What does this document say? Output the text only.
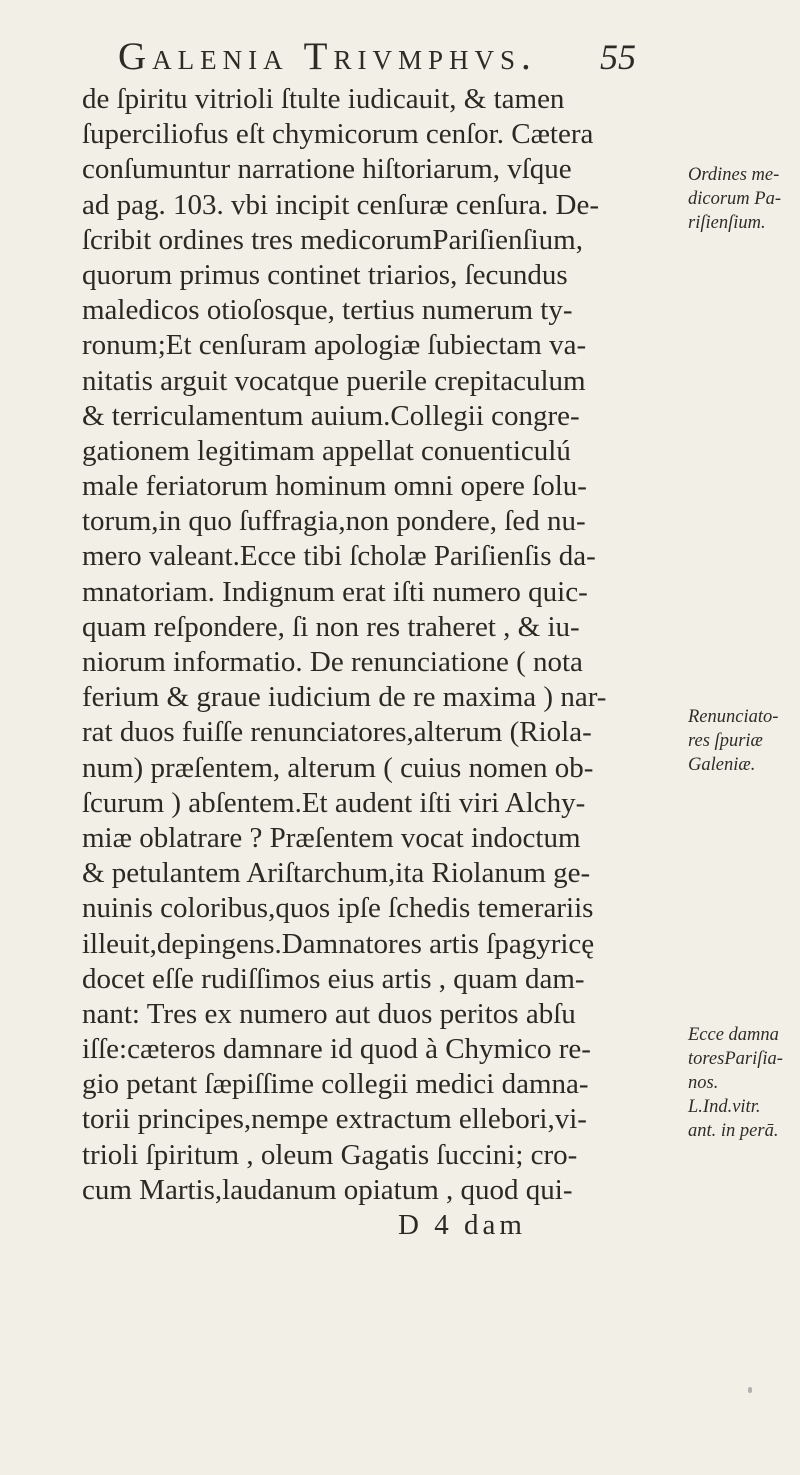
Galenia Trivmphvs. 55
de ſpiritu vitrioli ſtulte iudicauit, & tamen
ſuperciliofus eſt chymicorum cenſor. Cætera
conſumuntur narratione hiſtoriarum, vſque
ad pag. 103. vbi incipit cenſuræ cenſura. De-
ſcribit ordines tres medicorumPariſienſium,
quorum primus continet triarios, ſecundus
maledicos otioſosque, tertius numerum ty-
ronum;Et cenſuram apologiæ ſubiectam va-
nitatis arguit vocatque puerile crepitaculum
& terriculamentum auium.Collegii congre-
gationem legitimam appellat conuenticulú
male feriatorum hominum omni opere ſolu-
torum,in quo ſuffragia,non pondere, ſed nu-
mero valeant.Ecce tibi ſcholæ Pariſienſis da-
mnatoriam. Indignum erat iſti numero quic-
quam reſpondere, ſi non res traheret , & iu-
niorum informatio. De renunciatione ( nota
ferium & graue iudicium de re maxima ) nar-
rat duos fuiſſe renunciatores,alterum (Riola-
num) præſentem, alterum ( cuius nomen ob-
ſcurum ) abſentem.Et audent iſti viri Alchy-
miæ oblatrare ? Præſentem vocat indoctum
& petulantem Ariſtarchum,ita Riolanum ge-
nuinis coloribus,quos ipſe ſchedis temerariis
illeuit,depingens.Damnatores artis ſpagyricę
docet eſſe rudiſſimos eius artis , quam dam-
nant: Tres ex numero aut duos peritos abſu
iſſe:cæteros damnare id quod à Chymico re-
gio petant ſæpiſſime collegii medici damna-
torii principes,nempe extractum ellebori,vi-
trioli ſpiritum , oleum Gagatis ſuccini; cro-
cum Martis,laudanum opiatum , quod qui-
D 4 dam
Ordines me-
dicorum Pa-
riſienſium.
Renunciato-
res ſpuriæ
Galeniæ.
Ecce damna
toresPariſia-
nos.
L.Ind.vitr.
ant. in perā.
